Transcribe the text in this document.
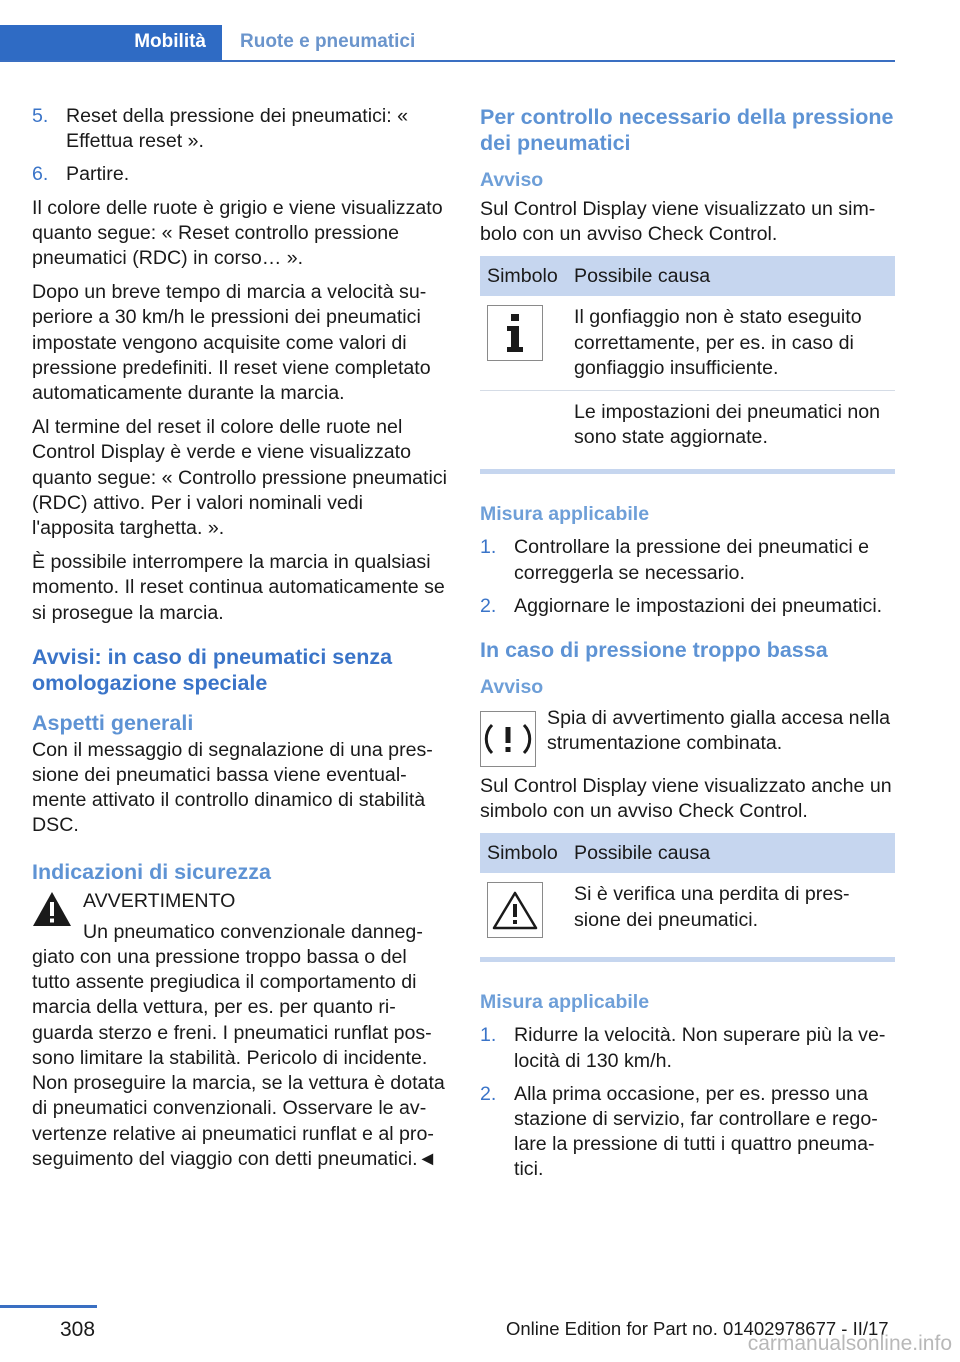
Mobilità	Ruote e pneumatici
5. Reset della pressione dei pneumatici: « Effettua reset ».
6. Partire.

Il colore delle ruote è grigio e viene visualizzato quanto segue: « Reset controllo pressione pneumatici (RDC) in corso… ».

Dopo un breve tempo di marcia a velocità su-periore a 30 km/h le pressioni dei pneumatici impostate vengono acquisite come valori di pressione predefiniti. Il reset viene completato automaticamente durante la marcia.

Al termine del reset il colore delle ruote nel Control Display è verde e viene visualizzato quanto segue: « Controllo pressione pneumatici (RDC) attivo. Per i valori nominali vedi l'apposita targhetta. ».

È possibile interrompere la marcia in qualsiasi momento. Il reset continua automaticamente se si prosegue la marcia.

Avvisi: in caso di pneumatici senza omologazione speciale
Aspetti generali

Con il messaggio di segnalazione di una pres-sione dei pneumatici bassa viene eventual-mente attivato il controllo dinamico di stabilità DSC.

Indicazioni di sicurezza
AVVERTIMENTO
Un pneumatico convenzionale danneg-
giato con una pressione troppo bassa o del tutto assente pregiudica il comportamento di marcia della vettura, per es. per quanto ri-guarda sterzo e freni. I pneumatici runflat pos-sono limitare la stabilità. Pericolo di incidente. Non proseguire la marcia, se la vettura è dotata di pneumatici convenzionali. Osservare le av-vertenze relative ai pneumatici runflat e al pro-seguimento del viaggio con detti pneumatici.◄
Per controllo necessario della pressione dei pneumatici
Avviso

Sul Control Display viene visualizzato un sim-bolo con un avviso Check Control.

Simbolo	Possibile causa

	Il gonfiaggio non è stato eseguito correttamente, per es. in caso di gonfiaggio insufficiente.
	Le impostazioni dei pneumatici non sono state aggiornate.
Misura applicabile
1. Controllare la pressione dei pneumatici e correggerla se necessario.
2. Aggiornare le impostazioni dei pneumatici.
In caso di pressione troppo bassa
Avviso
Spia di avvertimento gialla accesa nella strumentazione combinata.

Sul Control Display viene visualizzato anche un simbolo con un avviso Check Control.

Simbolo	Possibile causa

	Si è verifica una perdita di pres-sione dei pneumatici.
Misura applicabile
1. Ridurre la velocità. Non superare più la ve-locità di 130 km/h.
2. Alla prima occasione, per es. presso una stazione di servizio, far controllare e rego-lare la pressione di tutti i quattro pneuma-tici.
308	Online Edition for Part no. 01402978677 - II/17
carmanualsonline.info
